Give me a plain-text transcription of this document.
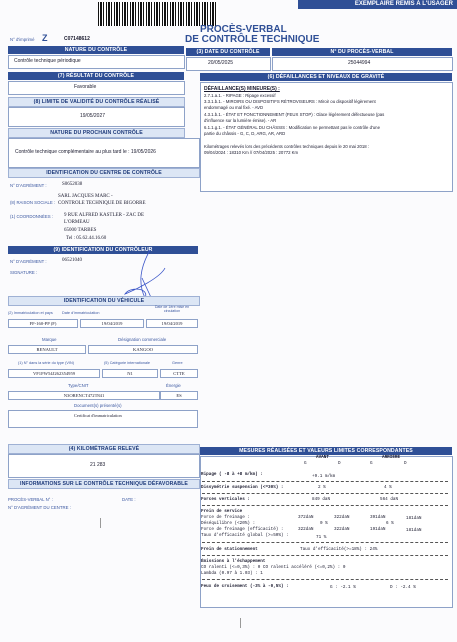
EXEMPLAIRE REMIS À L'USAGER
PROCÈS-VERBAL
DE CONTRÔLE TECHNIQUE
N° d'imprimé Z	C07148612
NATURE DU CONTRÔLE
Contrôle technique périodique
(3) DATE DU CONTRÔLE
20/05/2025
N° DU PROCÈS-VERBAL
25044994
(7) RÉSULTAT DU CONTRÔLE
Favorable
(8) LIMITE DE VALIDITÉ DU CONTRÔLE RÉALISÉ
19/05/2027
NATURE DU PROCHAIN CONTRÔLE
Contrôle technique complémentaire au plus tard le : 19/05/2026
(6) DÉFAILLANCES ET NIVEAUX DE GRAVITÉ
DÉFAILLANCE(S) MINEURE(S) :
2.7.1.a.1. - RIPAGE : Ripage excessif
3.3.1.b.1. - MIROIRS OU DISPOSITIFS RÉTROVISEURS : Miroir ou dispositif légèrement
endommagé ou mal fixé. - AVD
4.3.1.b.1. - ÉTAT ET FONCTIONNEMENT (FEUX STOP) : Glace légèrement défectueuse (pas
d'influence sur la lumière émise). - AR
6.1.1.g.1. - ÉTAT GÉNÉRAL DU CHÂSSIS : Modification ne permettant pas le contrôle d'une
partie du châssis - G, C, D, ARG, AR, ARD
Kilométrages relevés lors des précédents contrôles techniques depuis le 20 mai 2018 :
09/04/2024 : 18310 Km // 07/04/2025 : 20772 Km
IDENTIFICATION DU CENTRE DE CONTRÔLE
N° D'AGRÉMENT :	S0652038
(8) RAISON SOCIALE :
SARL JACQUES MARC -
CONTROLE TECHNIQUE DE BIGORRE
(1) COORDONNÉES : 9 RUE ALFRED KASTLER - ZAC DE
L'ORMEAU
65000 TARBES
Tel : 05.62.44.16.60
(9) IDENTIFICATION DU CONTRÔLEUR
N° D'AGRÉMENT :	06521040
SIGNATURE :
IDENTIFICATION DU VÉHICULE
(2) Immatriculation et pays Date d'immatriculation
Date de 1ère mise en circulation
FF-160-PP (F)	19/04/2019	19/04/2019
Marque	Désignation commerciale
RENAULT	KANGOO
(1) N° dans la série du type (VIN)	(5) Catégorie internationale	Genre
VF1FW54J262354959	N1	CTTE
Type/CNIT	Énergie
N3ORENCT472T841	ES
Document(s) présenté(s)
Certificat d'immatriculation
(4) KILOMÉTRAGE RELEVÉ
21 283
INFORMATIONS SUR LE CONTRÔLE TECHNIQUE DÉFAVORABLE
PROCÈS-VERBAL N° :	DATE :
N° D'AGRÉMENT DU CENTRE :
MESURES RÉALISÉES ET VALEURS LIMITES CORRESPONDANTES
AVANT	ARRIÈRE
G	D	G	D
Ripage ( -8 à +8 m/km) :	+9.1 m/km
Dissymétrie suspension (<=30%) :	2 %	4 %
Forces verticales :	849 daN	564 daN
Frein de service
Force de freinage :	372daN	322daN	391daN	181daN
Déséquilibre (<20%) :	0 %	6 %
Force de freinage (efficacité) :	322daN	322daN	191daN	181daN
Taux d'efficacité global (>=50%) :	71 %
Frein de stationnement	Taux d'efficacité(>=18%) : 24%
Émissions à l'échappement
CO ralenti (<=0,3%) : 0 CO ralenti accéléré (<=0,2%) : 0
Lambda (0.97 à 1.03) : 1
Feux de croisement (-3% à -0,5%) :	G : -2.1 %	D : -2.4 %
